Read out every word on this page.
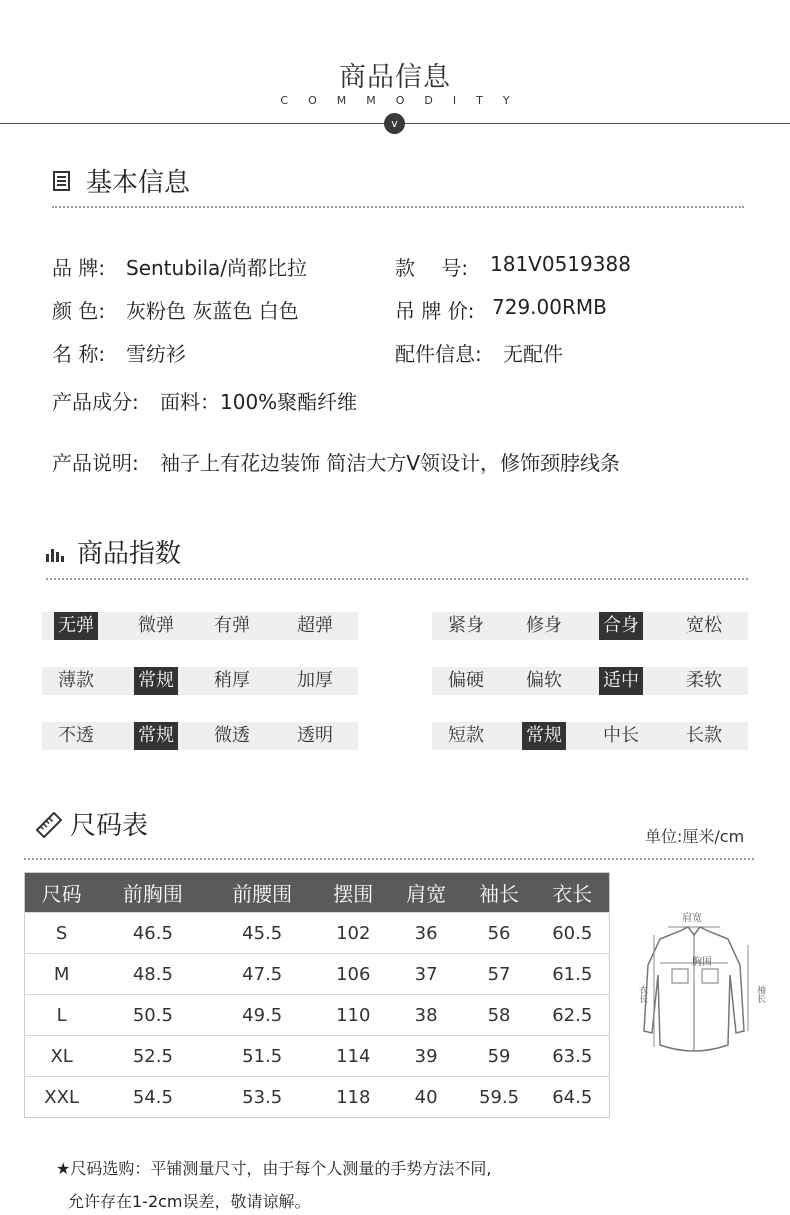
商品信息
COMMODITY
v
基本信息
品 牌: Sentubila/尚都比拉	款　 号: 181V0519388
颜 色: 灰粉色 灰蓝色 白色	吊 牌 价: 729.00RMB
名 称: 雪纺衫	配件信息: 无配件
产品成分: 面料：100%聚酯纤维
产品说明: 袖子上有花边装饰 简洁大方V领设计，修饰颈脖线条
商品指数
无弹 微弹 有弹	超弹	紧身 修身 合身	宽松
薄款 常规 稍厚	加厚	偏硬 偏软 适中	柔软
不透 常规 微透	透明	短款 常规 中长	长款
尺码表	单位:厘米/cm
尺码	前胸围	前腰围	摆围	肩宽	袖长	衣长
S	46.5	45.5	102	36	56	60.5
M	48.5	47.5	106	37	57	61.5
L	50.5	49.5	110	38	58	62.5
XL	52.5	51.5	114	39	59	63.5
XXL	54.5	53.5	118	40	59.5	64.5
肩宽
胸围
衣长	袖长
★尺码选购：平铺测量尺寸，由于每个人测量的手势方法不同,
允许存在1-2cm误差，敬请谅解。
